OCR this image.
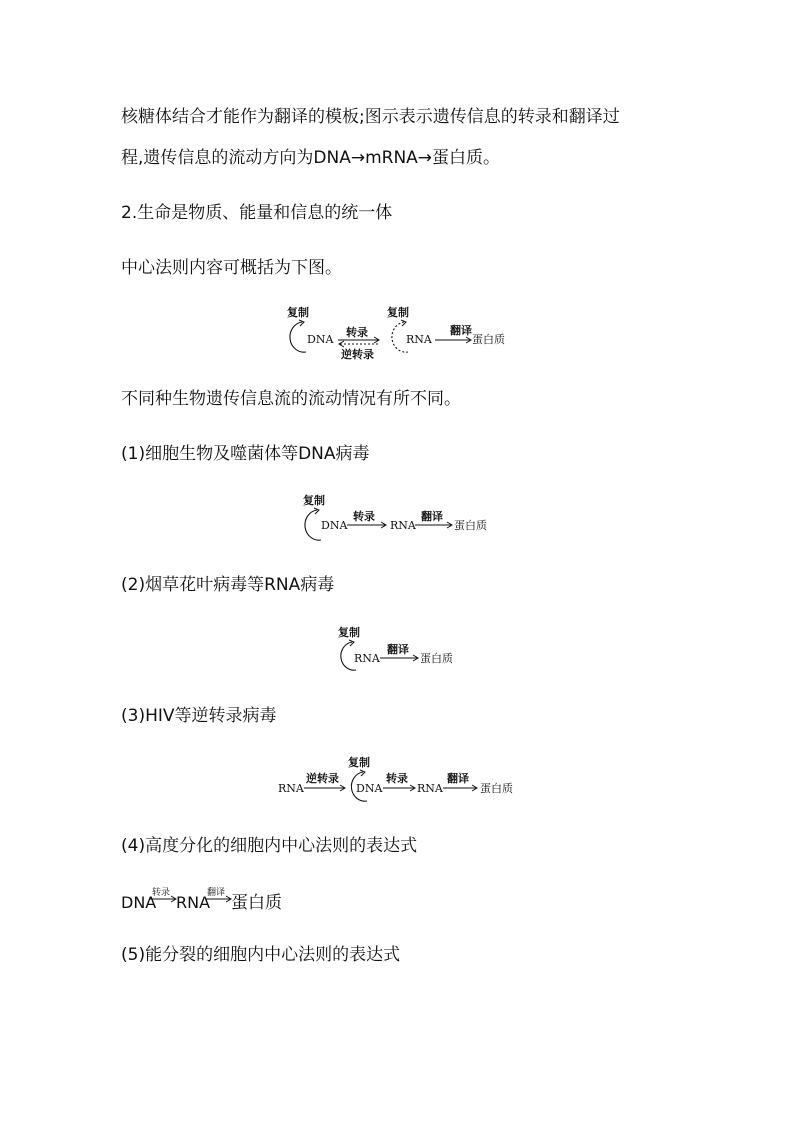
核糖体结合才能作为翻译的模板;图示表示遗传信息的转录和翻译过
程,遗传信息的流动方向为DNA→mRNA→蛋白质。
2.生命是物质、能量和信息的统一体
中心法则内容可概括为下图。
复制
DNA
转录
逆转录
复制
RNA
翻译
蛋白质
不同种生物遗传信息流的流动情况有所不同。
(1)细胞生物及噬菌体等DNA病毒
复制
DNA
转录
RNA
翻译
蛋白质
(2)烟草花叶病毒等RNA病毒
复制
RNA
翻译
蛋白质
(3)HIV等逆转录病毒
RNA
逆转录
复制
DNA
转录
RNA
翻译
蛋白质
(4)高度分化的细胞内中心法则的表达式
DNA
转录 RNA
翻译 蛋白质
(5)能分裂的细胞内中心法则的表达式
